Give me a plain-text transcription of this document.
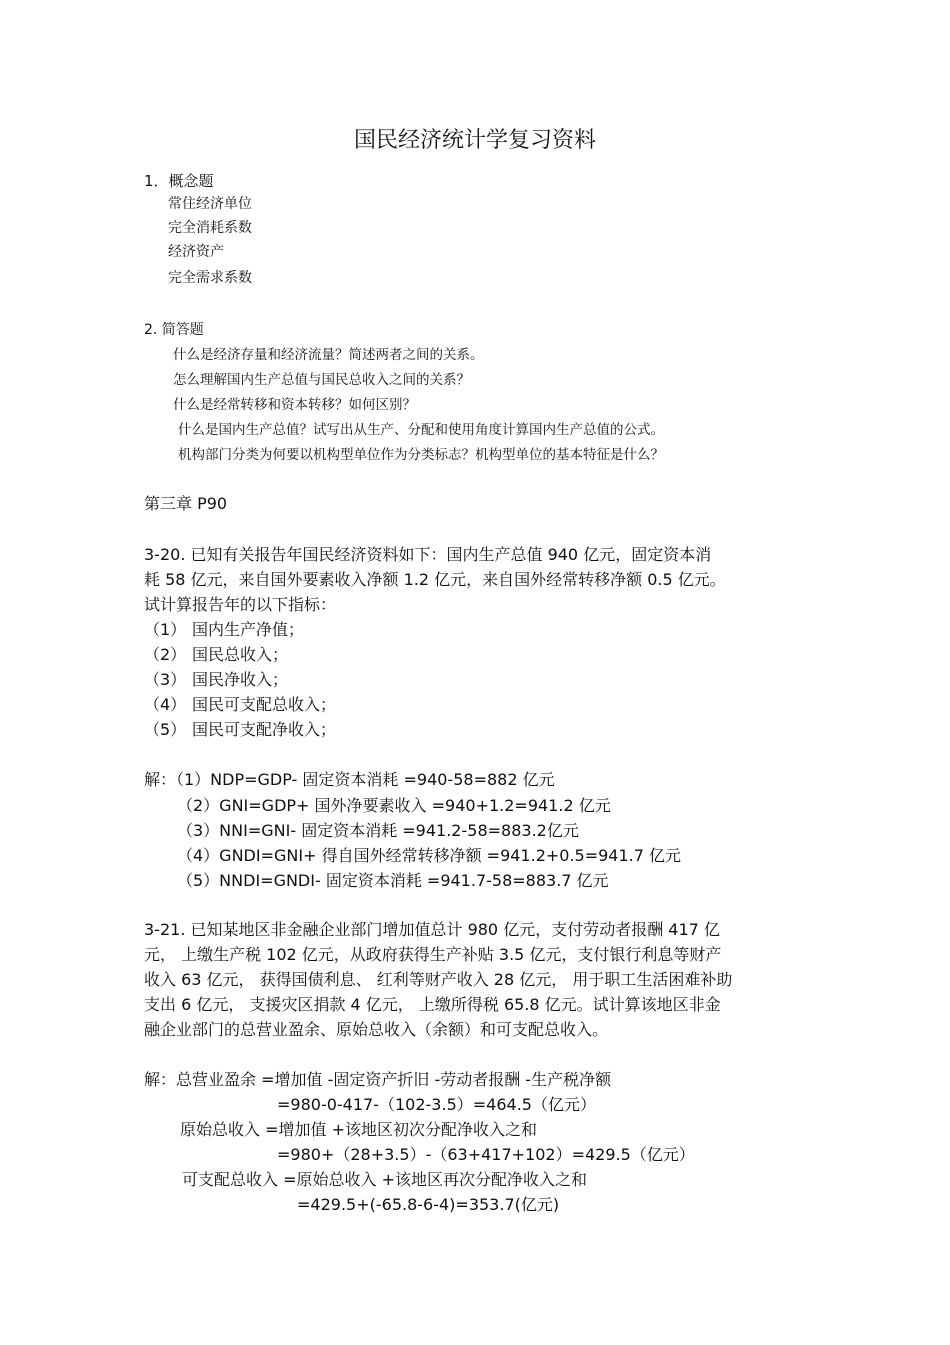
国民经济统计学复习资料
1．概念题
常住经济单位
完全消耗系数
经济资产
完全需求系数
2. 简答题
什么是经济存量和经济流量？简述两者之间的关系。
怎么理解国内生产总值与国民总收入之间的关系？
什么是经常转移和资本转移？如何区别？
什么是国内生产总值？试写出从生产、分配和使用角度计算国内生产总值的公式。
机构部门分类为何要以机构型单位作为分类标志？机构型单位的基本特征是什么？
第三章 P90
3-20. 已知有关报告年国民经济资料如下：国内生产总值 940 亿元，固定资本消
耗 58 亿元，来自国外要素收入净额 1.2 亿元，来自国外经常转移净额 0.5 亿元。
试计算报告年的以下指标：
（1） 国内生产净值；
（2） 国民总收入；
（3） 国民净收入；
（4） 国民可支配总收入；
（5） 国民可支配净收入；
解：（1）NDP=GDP- 固定资本消耗 =940-58=882 亿元
（2）GNI=GDP+ 国外净要素收入 =940+1.2=941.2 亿元
（3）NNI=GNI- 固定资本消耗 =941.2-58=883.2亿元
（4）GNDI=GNI+ 得自国外经常转移净额 =941.2+0.5=941.7 亿元
（5）NNDI=GNDI- 固定资本消耗 =941.7-58=883.7 亿元
3-21. 已知某地区非金融企业部门增加值总计 980 亿元，支付劳动者报酬 417 亿
元， 上缴生产税 102 亿元，从政府获得生产补贴 3.5 亿元，支付银行利息等财产
收入 63 亿元， 获得国债利息、 红利等财产收入 28 亿元， 用于职工生活困难补助
支出 6 亿元， 支援灾区捐款 4 亿元， 上缴所得税 65.8 亿元。试计算该地区非金
融企业部门的总营业盈余、原始总收入（余额）和可支配总收入。
解：总营业盈余 =增加值 -固定资产折旧 -劳动者报酬 -生产税净额
=980-0-417-（102-3.5）=464.5（亿元）
原始总收入 =增加值 +该地区初次分配净收入之和
=980+（28+3.5）-（63+417+102）=429.5（亿元）
可支配总收入 =原始总收入 +该地区再次分配净收入之和
=429.5+(-65.8-6-4)=353.7(亿元)
